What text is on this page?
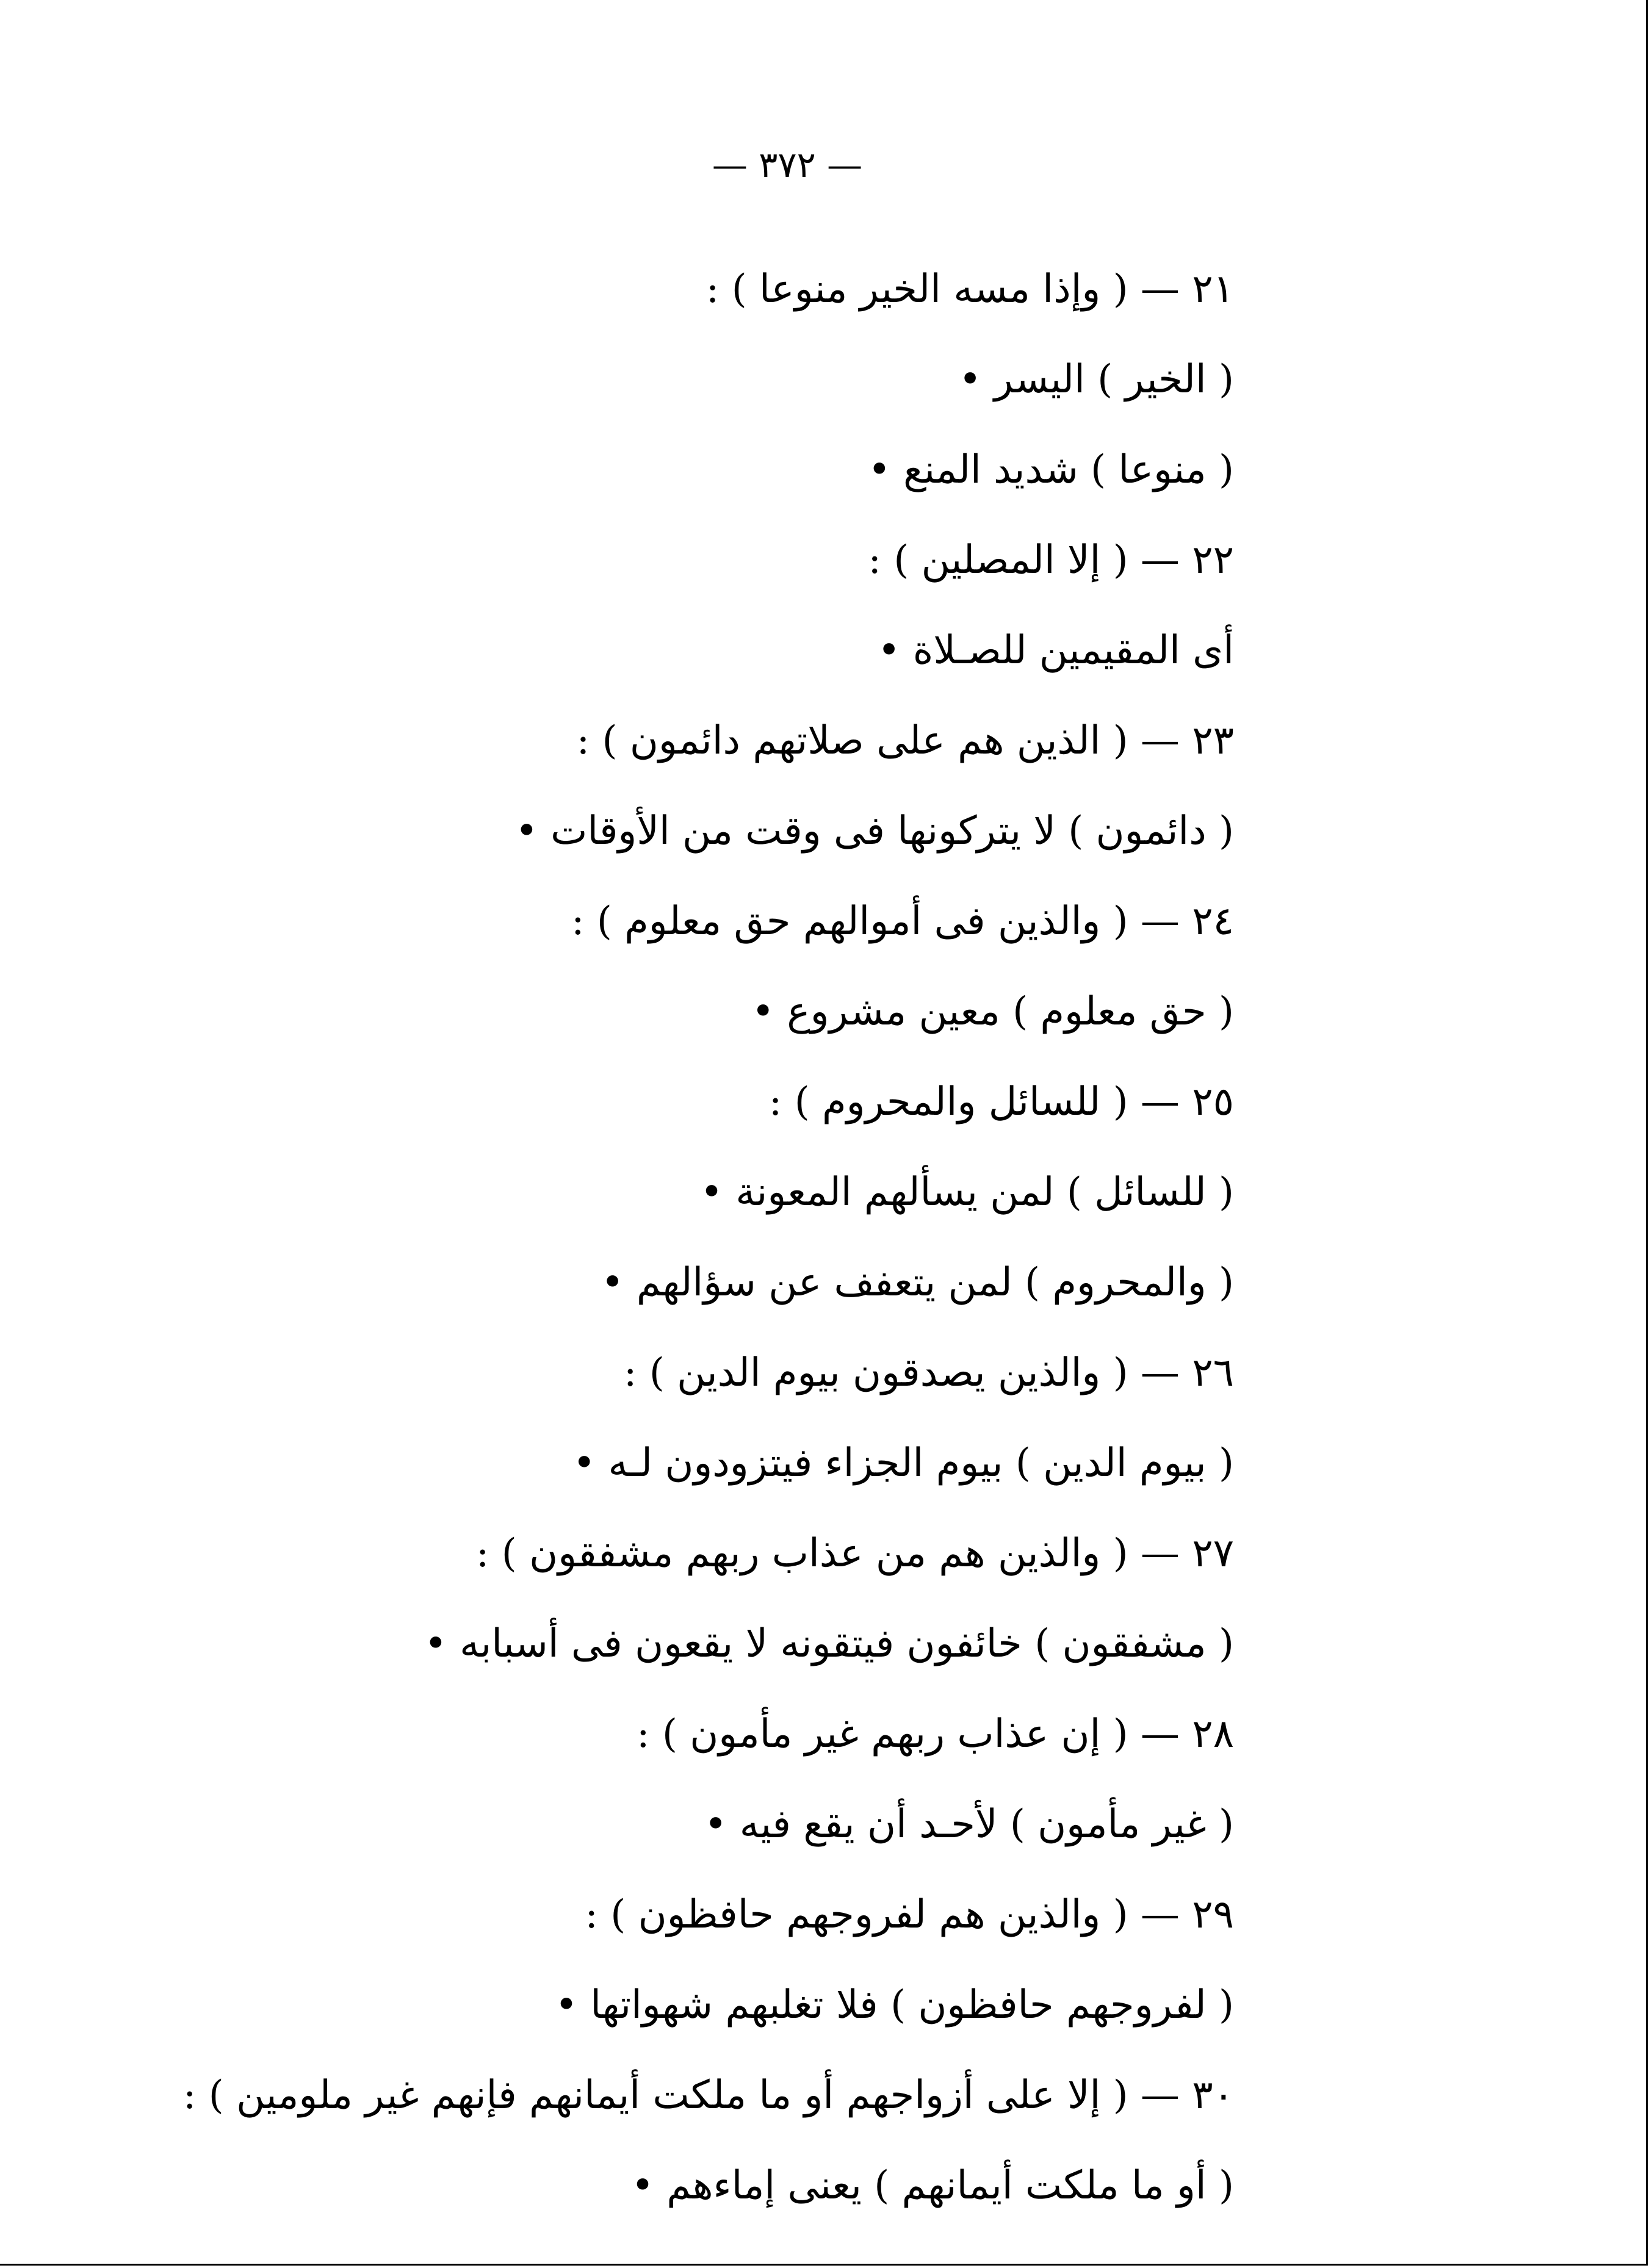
— ٣٧٢ —
٢١ — ( وإذا مسه الخير منوعا ) :
( الخير ) اليسر •
( منوعا ) شديد المنع •
٢٢ — ( إلا المصلين ) :
أى المقيمين للصـلاة •
٢٣ — ( الذين هم على صلاتهم دائمون ) :
( دائمون ) لا يتركونها فى وقت من الأوقات •
٢٤ — ( والذين فى أموالهم حق معلوم ) :
( حق معلوم ) معين مشروع •
٢٥ — ( للسائل والمحروم ) :
( للسائل ) لمن يسألهم المعونة •
( والمحروم ) لمن يتعفف عن سؤالهم •
٢٦ — ( والذين يصدقون بيوم الدين ) :
( بيوم الدين ) بيوم الجزاء فيتزودون لـه •
٢٧ — ( والذين هم من عذاب ربهم مشفقون ) :
( مشفقون ) خائفون فيتقونه لا يقعون فى أسبابه •
٢٨ — ( إن عذاب ربهم غير مأمون ) :
( غير مأمون ) لأحـد أن يقع فيه •
٢٩ — ( والذين هم لفروجهم حافظون ) :
( لفروجهم حافظون ) فلا تغلبهم شهواتها •
٣٠ — ( إلا على أزواجهم أو ما ملكت أيمانهم فإنهم غير ملومين ) :
( أو ما ملكت أيمانهم ) يعنى إماءهم •
